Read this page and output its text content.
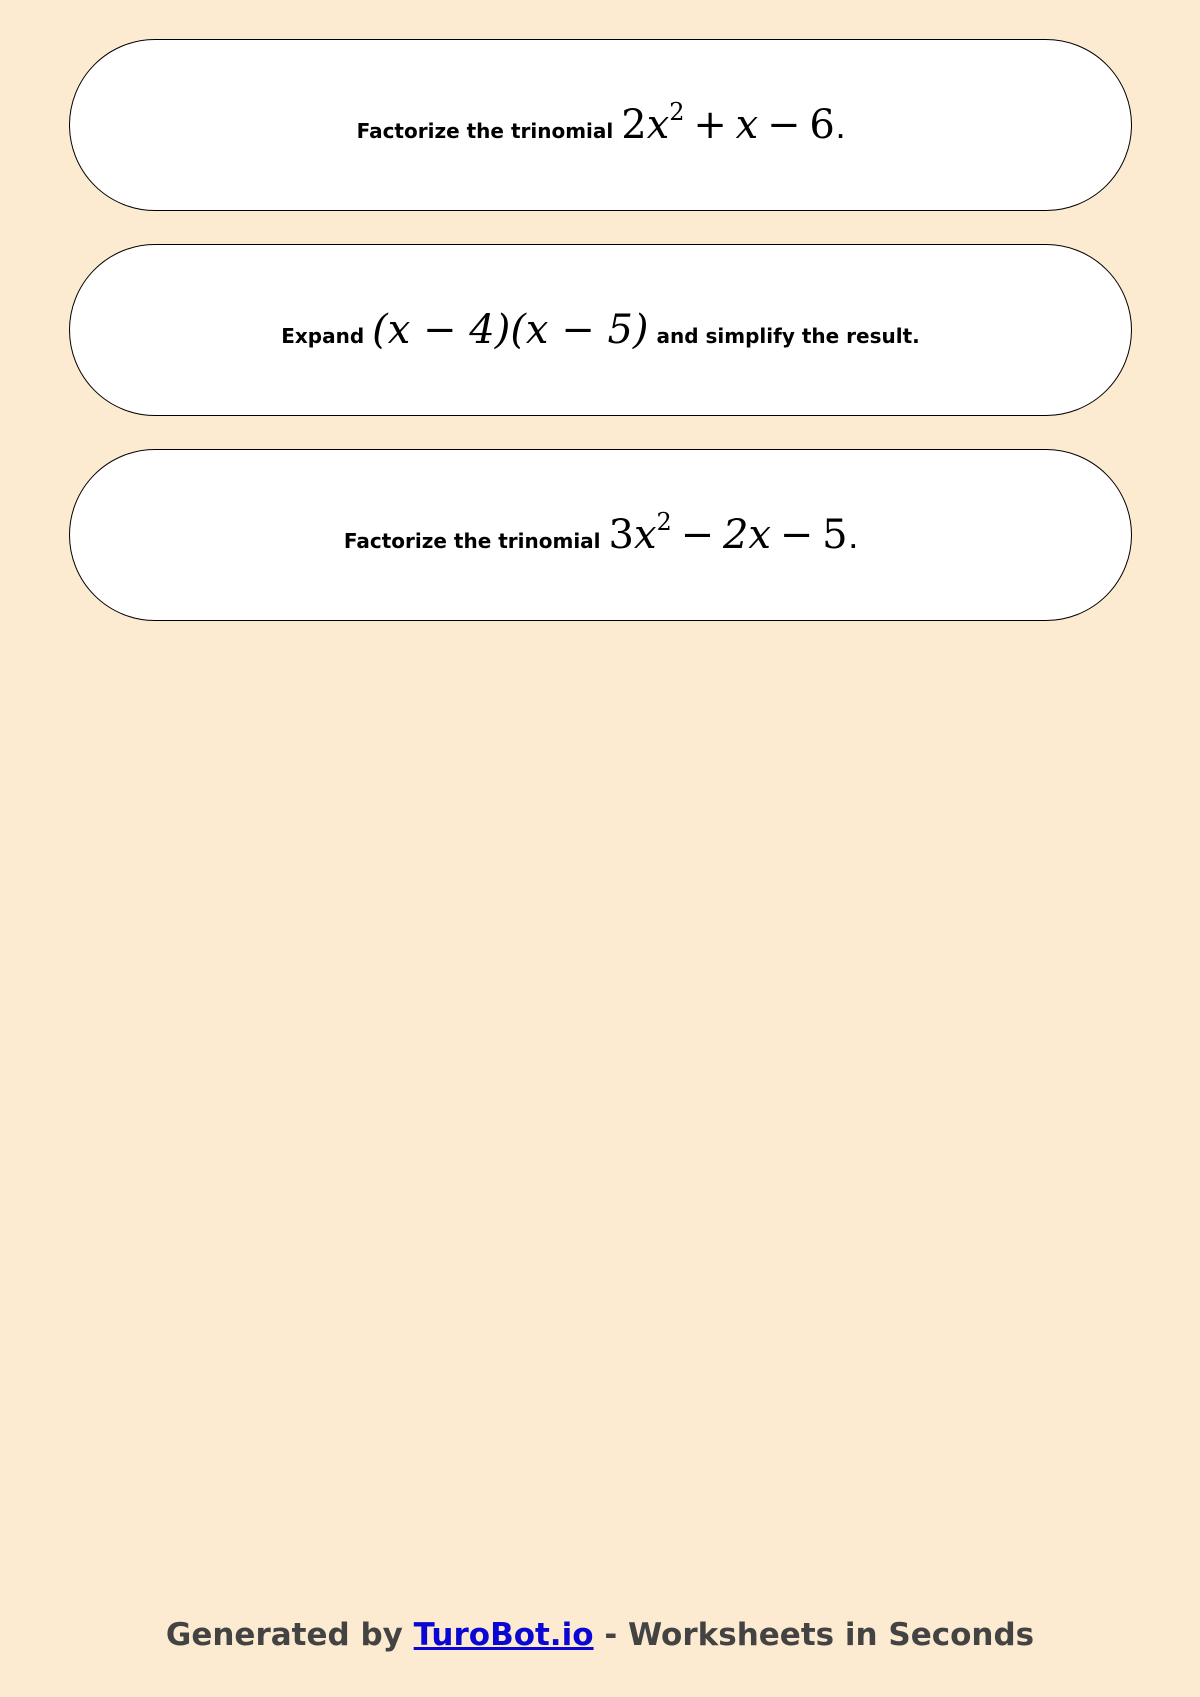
Factorize the trinomial $2x^2 + x - 6$ .
Expand (x − 4)(x − 5) and simplify the result.
Factorize the trinomial $3x^2 - 2x - 5$ .
Generated by TuroBot.io - Worksheets in Seconds
